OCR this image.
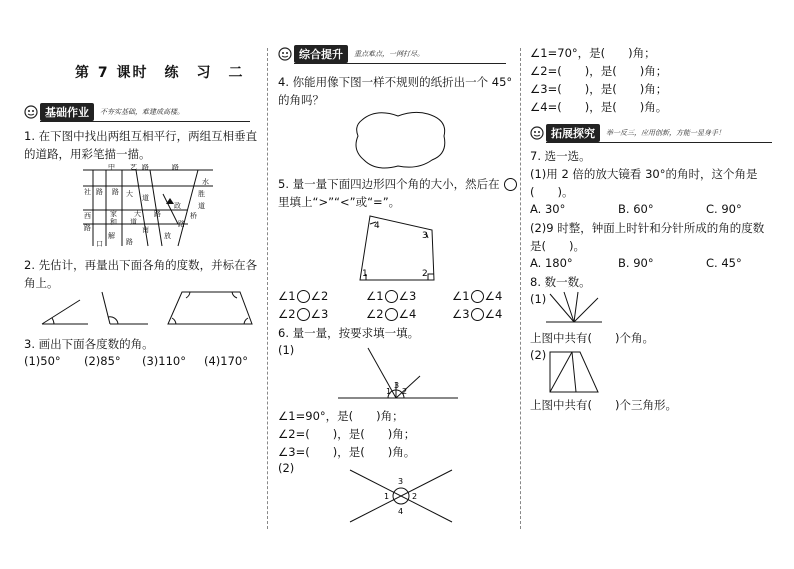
第 7 课时　练　习　二
基础作业	不夯实基础，难建成高楼。
1. 在下图中找出两组互相平行，两组互相垂直
的道路，用彩笔描一描。
社
中 艺 路
大 道
路
水
路 路
政
家
西	路
大
道
和 道	路
胜
路
解
路
放
南
口
桥
2. 先估计，再量出下面各角的度数，并标在各
角上。
3. 画出下面各度数的角。
(1)50° (2)85° (3)110° (4)170°
综合提升	重点难点，一网打尽。
4. 你能用像下图一样不规则的纸折出一个 45°
的角吗？
5. 量一量下面四边形四个角的大小，然后在
里填上“>”“<”或“=”。
4
3
1	2
∠1 ∠2	∠1 ∠3	∠1 ∠4
∠2 ∠3	∠2 ∠4	∠3 ∠4
6. 量一量，按要求填一填。
(1)
3
2
1
∠1=90°，是(　　)角；
∠2=(　　)，是(　　)角；
∠3=(　　)，是(　　)角。
(2)
3
1	2
4
∠1=70°，是(　　)角；
∠2=(　　)，是(　　)角；
∠3=(　　)，是(　　)角；
∠4=(　　)，是(　　)角。
拓展探究	举一反三，应用创新，方能一显身手！
7. 选一选。
(1)用 2 倍的放大镜看 30°的角时，这个角是
(　　)。
A. 30°	B. 60°	C. 90°
(2)9 时整，钟面上时针和分针所成的角的度数
是(　　)。
A. 180°	B. 90°	C. 45°
8. 数一数。
(1)
上图中共有(　　)个角。
(2)
上图中共有(　　)个三角形。
